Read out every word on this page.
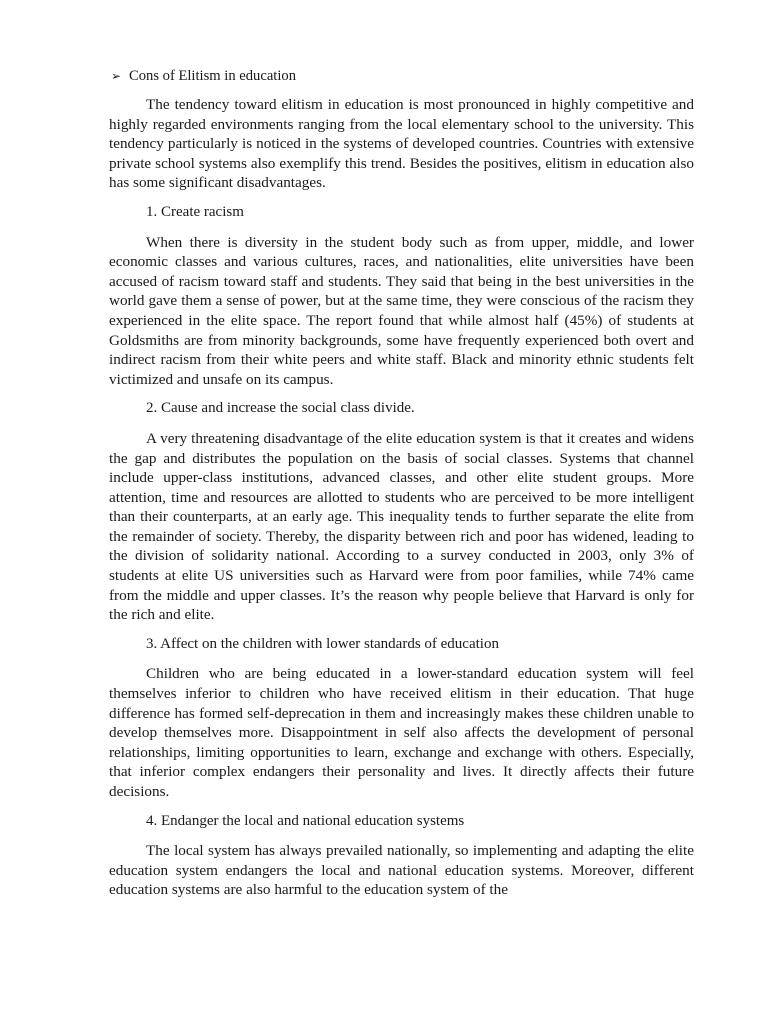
➢ Cons of Elitism in education

The tendency toward elitism in education is most pronounced in highly competitive and highly regarded environments ranging from the local elementary school to the university. This tendency particularly is noticed in the systems of developed countries. Countries with extensive private school systems also exemplify this trend. Besides the positives, elitism in education also has some significant disadvantages.

1. Create racism

When there is diversity in the student body such as from upper, middle, and lower economic classes and various cultures, races, and nationalities, elite universities have been accused of racism toward staff and students. They said that being in the best universities in the world gave them a sense of power, but at the same time, they were conscious of the racism they experienced in the elite space. The report found that while almost half (45%) of students at Goldsmiths are from minority backgrounds, some have frequently experienced both overt and indirect racism from their white peers and white staff. Black and minority ethnic students felt victimized and unsafe on its campus.

2. Cause and increase the social class divide.

A very threatening disadvantage of the elite education system is that it creates and widens the gap and distributes the population on the basis of social classes. Systems that channel include upper-class institutions, advanced classes, and other elite student groups. More attention, time and resources are allotted to students who are perceived to be more intelligent than their counterparts, at an early age. This inequality tends to further separate the elite from the remainder of society. Thereby, the disparity between rich and poor has widened, leading to the division of solidarity national. According to a survey conducted in 2003, only 3% of students at elite US universities such as Harvard were from poor families, while 74% came from the middle and upper classes. It’s the reason why people believe that Harvard is only for the rich and elite.

3. Affect on the children with lower standards of education

Children who are being educated in a lower-standard education system will feel themselves inferior to children who have received elitism in their education. That huge difference has formed self-deprecation in them and increasingly makes these children unable to develop themselves more. Disappointment in self also affects the development of personal relationships, limiting opportunities to learn, exchange and exchange with others. Especially, that inferior complex endangers their personality and lives. It directly affects their future decisions.

4. Endanger the local and national education systems

The local system has always prevailed nationally, so implementing and adapting the elite education system endangers the local and national education systems. Moreover, different education systems are also harmful to the education system of the
